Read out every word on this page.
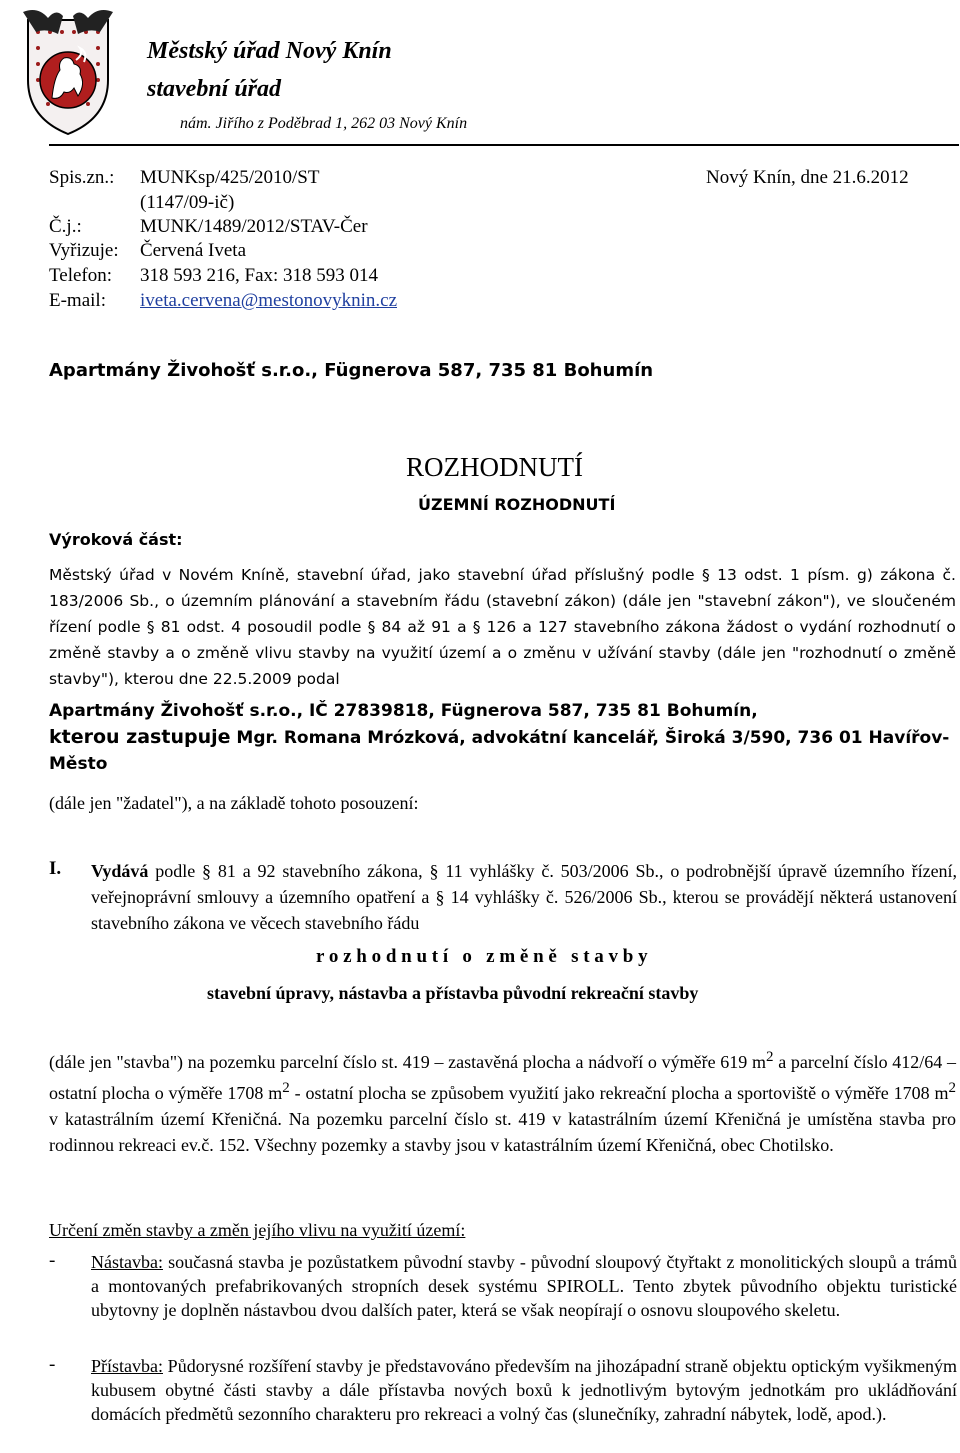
Městský úřad Nový Knín
stavební úřad
nám. Jiřího z Poděbrad 1, 262 03 Nový Knín
Spis.zn.: MUNKsp/425/2010/ST	Nový Knín, dne 21.6.2012
(1147/09-ič)
Č.j.:	MUNK/1489/2012/STAV-Čer
Vyřizuje: Červená Iveta
Telefon: 318 593 216, Fax: 318 593 014
E-mail: iveta.cervena@mestonovyknin.cz
Apartmány Živohošť s.r.o., Fügnerova 587, 735 81 Bohumín
ROZHODNUTÍ
ÚZEMNÍ ROZHODNUTÍ
Výroková část:
Městský úřad v Novém Kníně, stavební úřad, jako stavební úřad příslušný podle § 13 odst. 1 písm. g) zákona č. 183/2006 Sb., o územním plánování a stavebním řádu (stavební zákon) (dále jen "stavební zákon"), ve sloučeném řízení podle § 81 odst. 4 posoudil podle § 84 až 91 a § 126 a 127 stavebního zákona žádost o vydání rozhodnutí o změně stavby a o změně vlivu stavby na využití území a o změnu v užívání stavby (dále jen "rozhodnutí o změně stavby"), kterou dne 22.5.2009 podal
Apartmány Živohošť s.r.o., IČ 27839818, Fügnerova 587, 735 81 Bohumín,
kterou zastupuje Mgr. Romana Mrózková, advokátní kancelář, Široká 3/590, 736 01 Havířov-Město
(dále jen "žadatel"), a na základě tohoto posouzení:
I. Vydává podle § 81 a 92 stavebního zákona, § 11 vyhlášky č. 503/2006 Sb., o podrobnější úpravě územního řízení, veřejnoprávní smlouvy a územního opatření a § 14 vyhlášky č. 526/2006 Sb., kterou se provádějí některá ustanovení stavebního zákona ve věcech stavebního řádu
r o z h o d n u t í   o   z m ě n ě   s t a v b y
stavební úpravy, nástavba a přístavba původní rekreační stavby
(dále jen "stavba") na pozemku parcelní číslo st. 419 – zastavěná plocha a nádvoří o výměře 619 $m^2$ a parcelní číslo 412/64 – ostatní plocha o výměře 1708 $m^2$ - ostatní plocha se způsobem využití jako rekreační plocha a sportoviště o výměře 1708 $m^2$ v katastrálním území Křeničná. Na pozemku parcelní číslo st. 419 v katastrálním území Křeničná je umístěna stavba pro rodinnou rekreaci ev.č. 152. Všechny pozemky a stavby jsou v katastrálním území Křeničná, obec Chotilsko.
Určení změn stavby a změn jejího vlivu na využití území:
- Nástavba: současná stavba je pozůstatkem původní stavby - původní sloupový čtyřtakt z monolitických sloupů a trámů a montovaných prefabrikovaných stropních desek systému SPIROLL. Tento zbytek původního objektu turistické ubytovny je doplněn nástavbou dvou dalších pater, která se však neopírají o osnovu sloupového skeletu.
- Přístavba: Půdorysné rozšíření stavby je představováno především na jihozápadní straně objektu optickým vyšikmeným kubusem obytné části stavby a dále přístavba nových boxů k jednotlivým bytovým jednotkám pro ukládňování domácích předmětů sezonního charakteru pro rekreaci a volný čas (slunečníky, zahradní nábytek, lodě, apod.).
